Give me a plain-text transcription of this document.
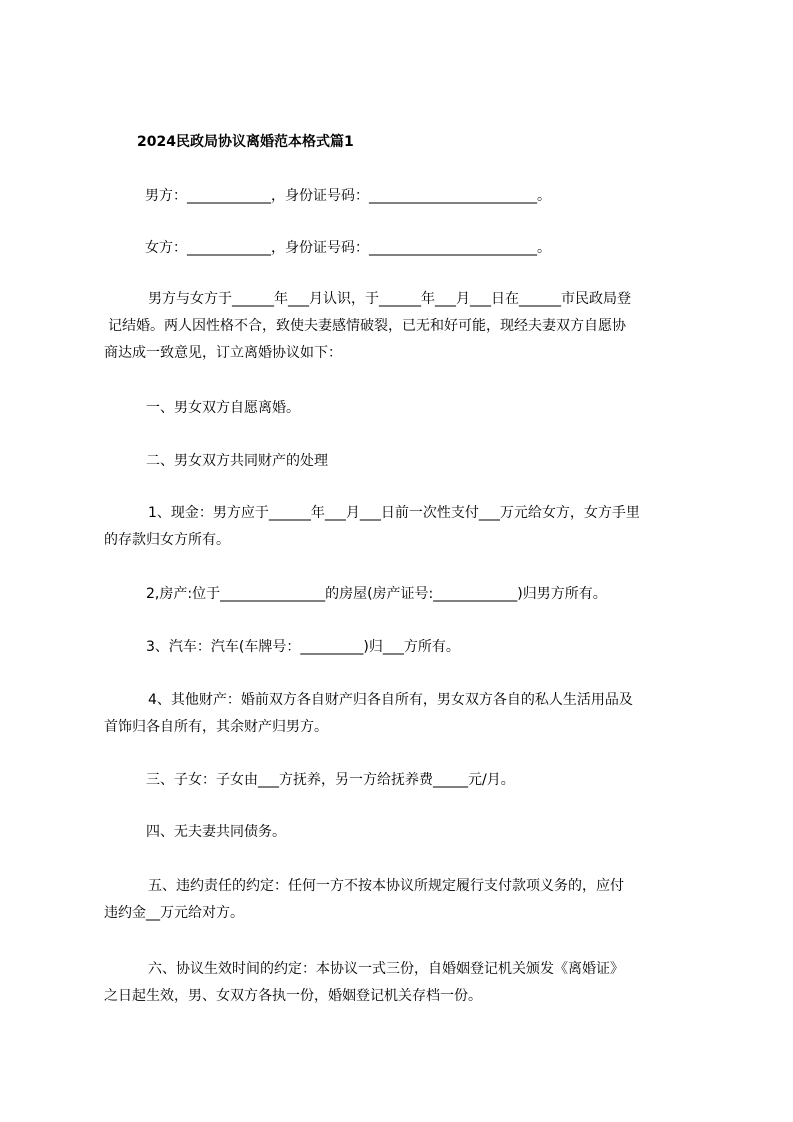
2024民政局协议离婚范本格式篇1
男方：____________，身份证号码：________________________。
女方：____________，身份证号码：________________________。
男方与女方于______年___月认识，于______年___月___日在______市民政局登
记结婚。两人因性格不合，致使夫妻感情破裂，已无和好可能，现经夫妻双方自愿协
商达成一致意见，订立离婚协议如下：
一、男女双方自愿离婚。
二、男女双方共同财产的处理
1、现金：男方应于______年___月___日前一次性支付___万元给女方，女方手里
的存款归女方所有。
2,房产:位于_______________的房屋(房产证号:____________)归男方所有。
3、汽车：汽车(车牌号：_________)归___方所有。
4、其他财产：婚前双方各自财产归各自所有，男女双方各自的私人生活用品及
首饰归各自所有，其余财产归男方。
三、子女：子女由___方抚养，另一方给抚养费_____元/月。
四、无夫妻共同债务。
五、违约责任的约定：任何一方不按本协议所规定履行支付款项义务的，应付
违约金__万元给对方。
六、协议生效时间的约定：本协议一式三份，自婚姻登记机关颁发《离婚证》
之日起生效，男、女双方各执一份，婚姻登记机关存档一份。
